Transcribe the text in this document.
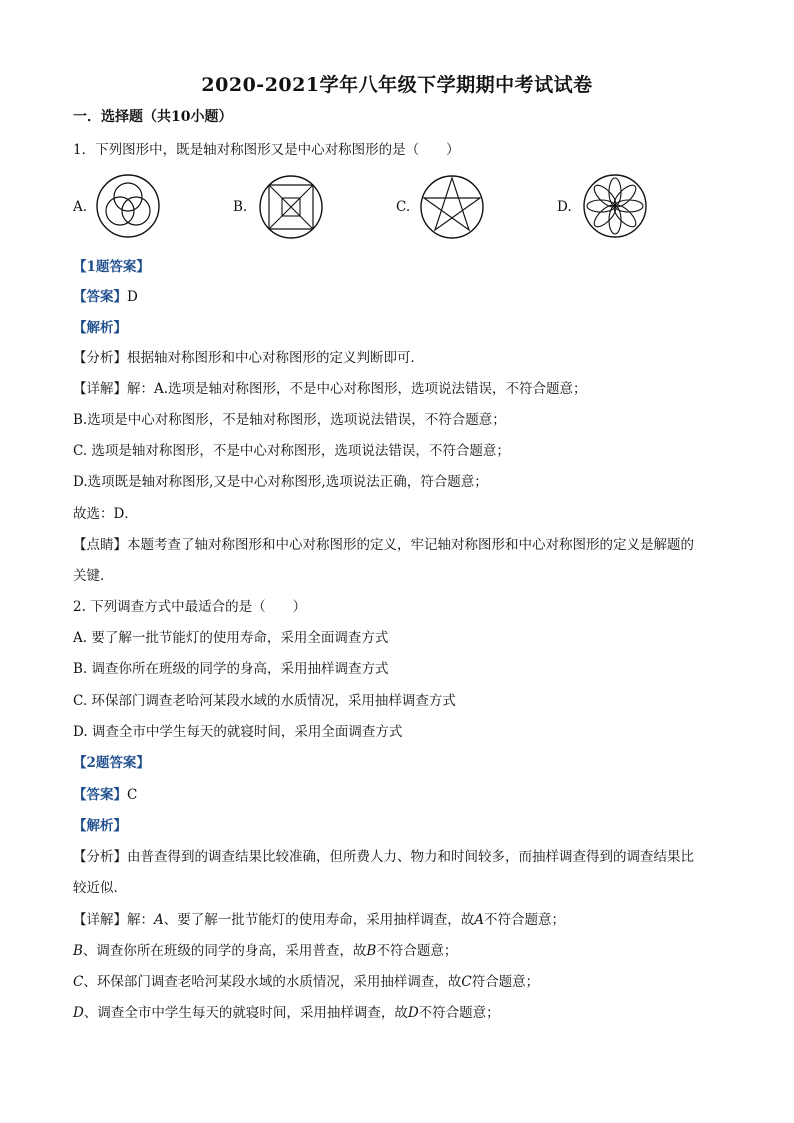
2020-2021学年八年级下学期期中考试试卷
一．选择题（共10小题）
1．下列图形中，既是轴对称图形又是中心对称图形的是（　　）
A.	B.	C.	D.
【1题答案】
【答案】D
【解析】
【分析】根据轴对称图形和中心对称图形的定义判断即可．
【详解】解：A.选项是轴对称图形，不是中心对称图形，选项说法错误，不符合题意；
B.选项是中心对称图形，不是轴对称图形，选项说法错误，不符合题意；
C. 选项是轴对称图形，不是中心对称图形，选项说法错误，不符合题意；
D.选项既是轴对称图形,又是中心对称图形,选项说法正确，符合题意；
故选：D．
【点睛】本题考查了轴对称图形和中心对称图形的定义，牢记轴对称图形和中心对称图形的定义是解题的
关键．
2. 下列调查方式中最适合的是（　　）
A. 要了解一批节能灯的使用寿命，采用全面调查方式
B. 调查你所在班级的同学的身高，采用抽样调查方式
C. 环保部门调查老哈河某段水域的水质情况，采用抽样调查方式
D. 调查全市中学生每天的就寝时间，采用全面调查方式
【2题答案】
【答案】C
【解析】
【分析】由普查得到的调查结果比较准确，但所费人力、物力和时间较多，而抽样调查得到的调查结果比
较近似．
【详解】解：A、要了解一批节能灯的使用寿命，采用抽样调查，故A不符合题意；
B、调查你所在班级的同学的身高，采用普查，故B不符合题意；
C、环保部门调查老哈河某段水域的水质情况，采用抽样调查，故C符合题意；
D、调查全市中学生每天的就寝时间，采用抽样调查，故D不符合题意；
